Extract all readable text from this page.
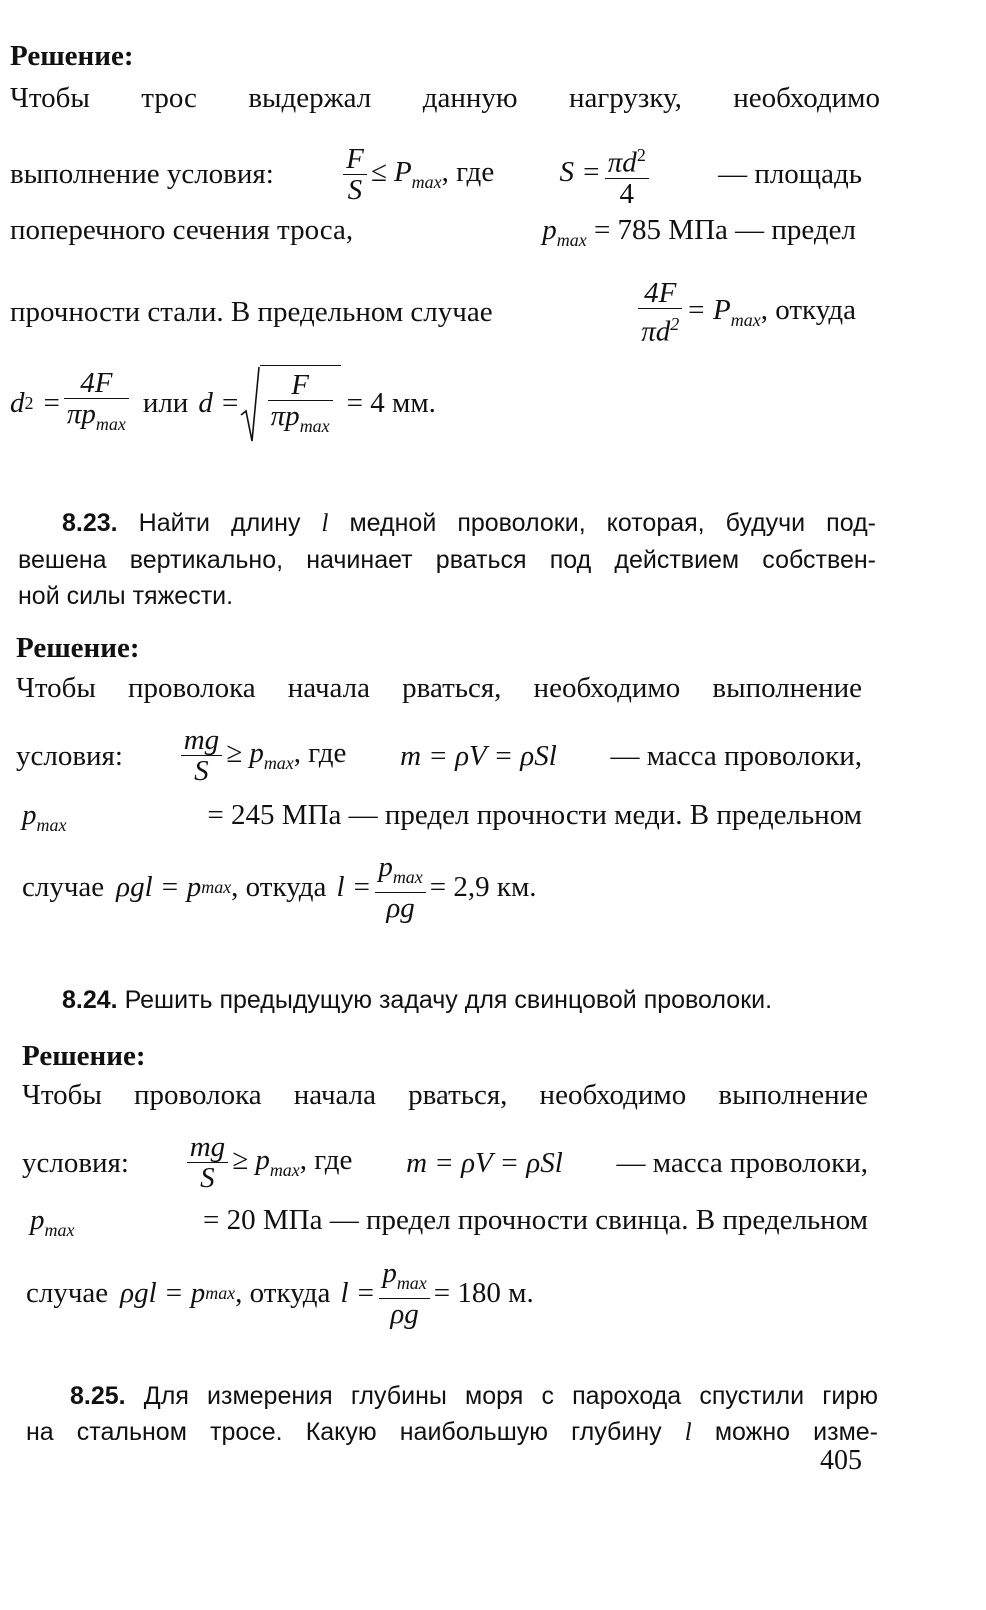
Решение:
Чтобы трос выдержал данную нагрузку, необходимо
выполнение условия: $\frac{F}{S} \le P_{max}$, где $S = \frac{\pi d^2}{4}$ — площадь
поперечного сечения троса,	$p_{max} = 785$ МПа — предел
прочности стали. В предельном случае	$\frac{4F}{\pi d^2} = P_{max}$, откуда
d $2 = \frac{4F}{\pi p_{max}}$ или $d = \frac{F}{\pi p_{max}} = 4$ мм.
8.23. Найти длину l медной проволоки, которая, будучи под-
вешена вертикально, начинает рваться под действием собствен-
ной силы тяжести.
Решение:
Чтобы проволока начала рваться, необходимо выполнение
условия: $\frac{mg}{S} \ge p_{max}$, где m = ρV = ρSl — масса проволоки,
$p_{max}$	= 245 МПа — предел прочности меди. В предельном
случае ρgl = p max , откуда $l = \frac{p_{max}}{\rho g} = 2,9$ км.
8.24. Решить предыдущую задачу для свинцовой проволоки.
Решение:
Чтобы проволока начала рваться, необходимо выполнение
условия: $\frac{mg}{S} \ge p_{max}$, где m = ρV = ρSl — масса проволоки,
$p_{max}$	= 20 МПа — предел прочности свинца. В предельном
случае ρgl = p max , откуда $l = \frac{p_{max}}{\rho g} = 180$ м.
8.25. Для измерения глубины моря с парохода спустили гирю
на стальном тросе. Какую наибольшую глубину l можно изме-
405
